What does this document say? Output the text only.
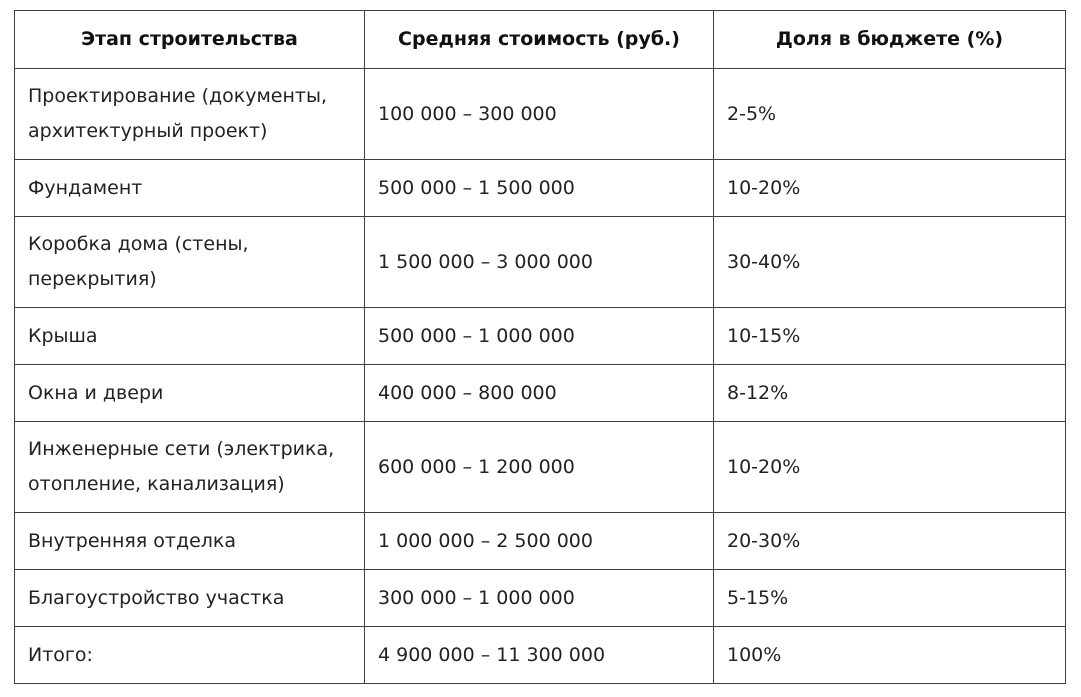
Этап строительства	Средняя стоимость (руб.)	Доля в бюджете (%)
Проектирование (документы, архитектурный проект)	100 000 – 300 000	2-5%
Фундамент	500 000 – 1 500 000	10-20%
Коробка дома (стены, перекрытия)	1 500 000 – 3 000 000	30-40%
Крыша	500 000 – 1 000 000	10-15%
Окна и двери	400 000 – 800 000	8-12%
Инженерные сети (электрика, отопление, канализация)	600 000 – 1 200 000	10-20%
Внутренняя отделка	1 000 000 – 2 500 000	20-30%
Благоустройство участка	300 000 – 1 000 000	5-15%
Итого:	4 900 000 – 11 300 000	100%
